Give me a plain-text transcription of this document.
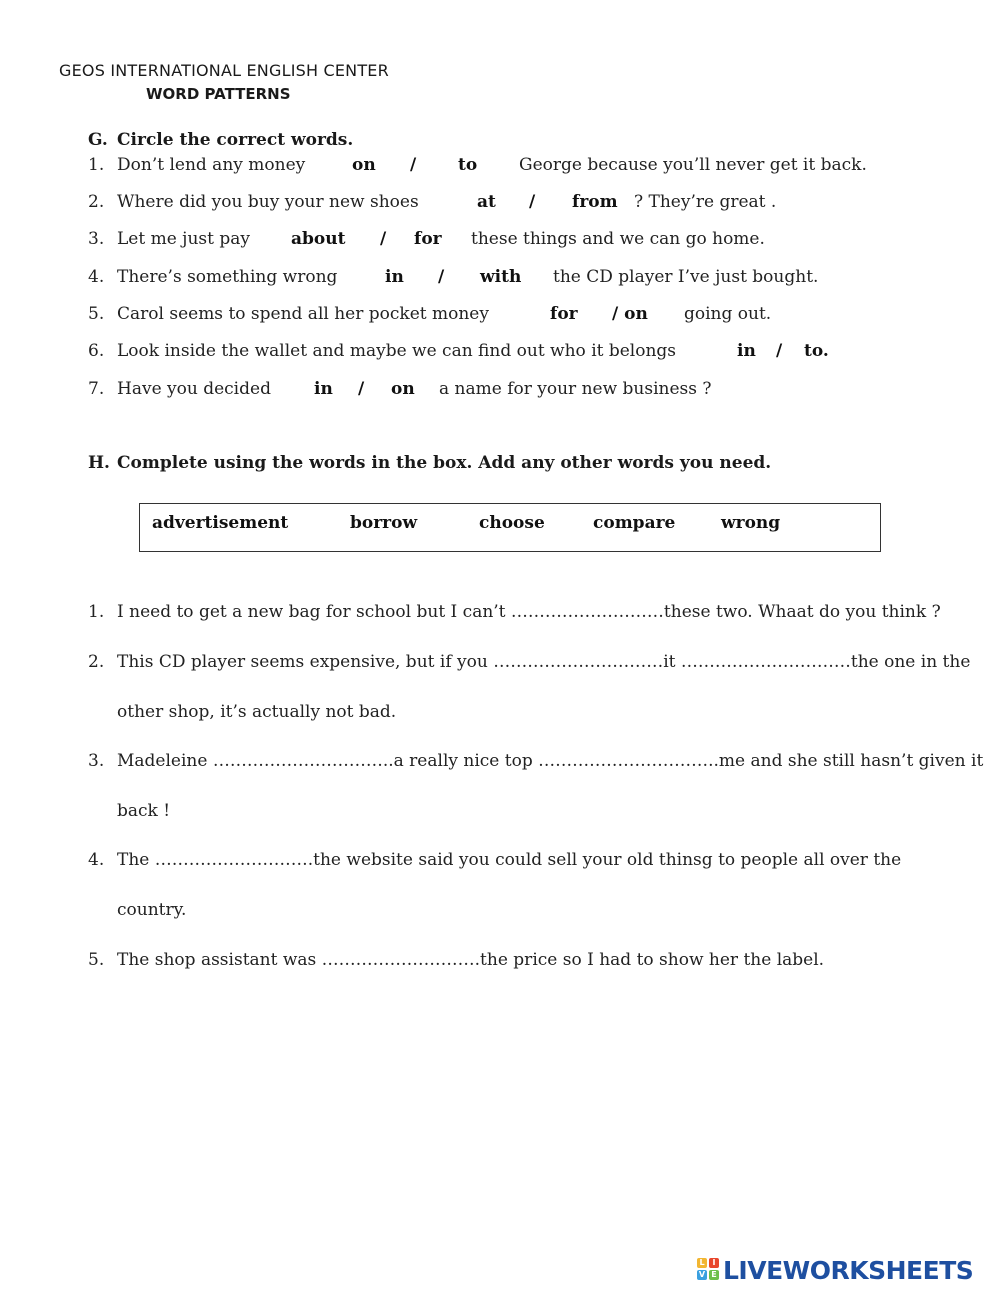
GEOS INTERNATIONAL ENGLISH CENTER
WORD PATTERNS
G. Circle the correct words.
1. Don’t lend any money	on / to George because you’ll never get it back.
2. Where did you buy your new shoes	at / from ? They’re great .
3. Let me just pay about / for these things and we can go home.
4. There’s something wrong	in / with the CD player I’ve just bought.
5. Carol seems to spend all her pocket money	for / on going out.
6. Look inside the wallet and maybe we can find out who it belongs	in / to.
7. Have you decided	in / on a name for your new business ?
H. Complete using the words in the box. Add any other words you need.
advertisement	borrow	choose	compare	wrong
1. I need to get a new bag for school but I can’t ………………………these two. Whaat do you think ?
2. This CD player seems expensive, but if you …………………………it …………………………the one in the
other shop, it’s actually not bad.
3. Madeleine …………………………..a really nice top …………………………..me and she still hasn’t given it
back !
4. The ……………………….the website said you could sell your old thinsg to people all over the
country.
5. The shop assistant was ……………………….the price so I had to show her the label.
L I
V E LIVEWORKSHEETS
